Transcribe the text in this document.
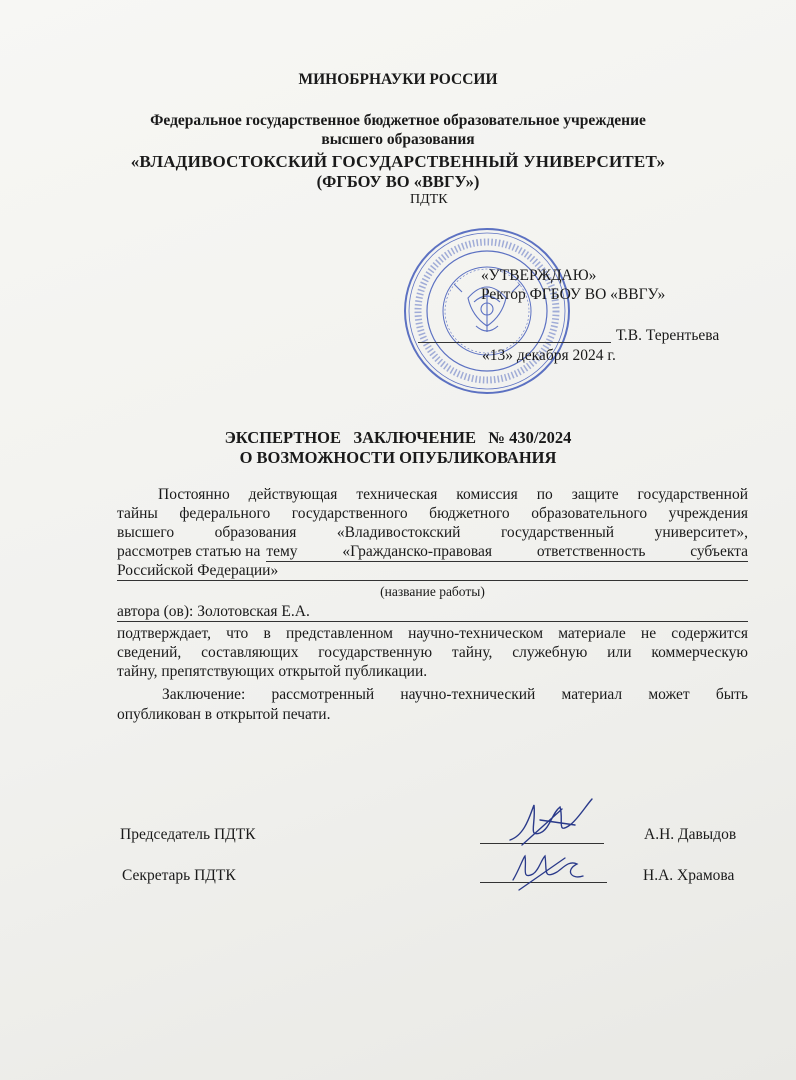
МИНОБРНАУКИ РОССИИ
Федеральное государственное бюджетное образовательное учреждение
высшего образования
«ВЛАДИВОСТОКСКИЙ ГОСУДАРСТВЕННЫЙ УНИВЕРСИТЕТ»
(ФГБОУ ВО «ВВГУ»)
ПДТК
«УТВЕРЖДАЮ»
Ректор ФГБОУ ВО «ВВГУ»
Т.В. Терентьева
«13» декабря 2024 г.
ЭКСПЕРТНОЕ   ЗАКЛЮЧЕНИЕ   № 430/2024
О ВОЗМОЖНОСТИ ОПУБЛИКОВАНИЯ
Постоянно действующая техническая комиссия по защите государственной
тайны федерального государственного бюджетного образовательного учреждения
высшего образования «Владивостокский государственный университет»,
рассмотрев статью на тему «Гражданско-правовая ответственность субъекта
Российской Федерации»
(название работы)
автора (ов): Золотовская Е.А.
подтверждает, что в представленном научно-техническом материале не содержится
сведений, составляющих государственную тайну, служебную или коммерческую
тайну, препятствующих открытой публикации.
Заключение: рассмотренный научно-технический материал может быть
опубликован в открытой печати.
Председатель ПДТК	А.Н. Давыдов
Секретарь ПДТК	Н.А. Храмова
